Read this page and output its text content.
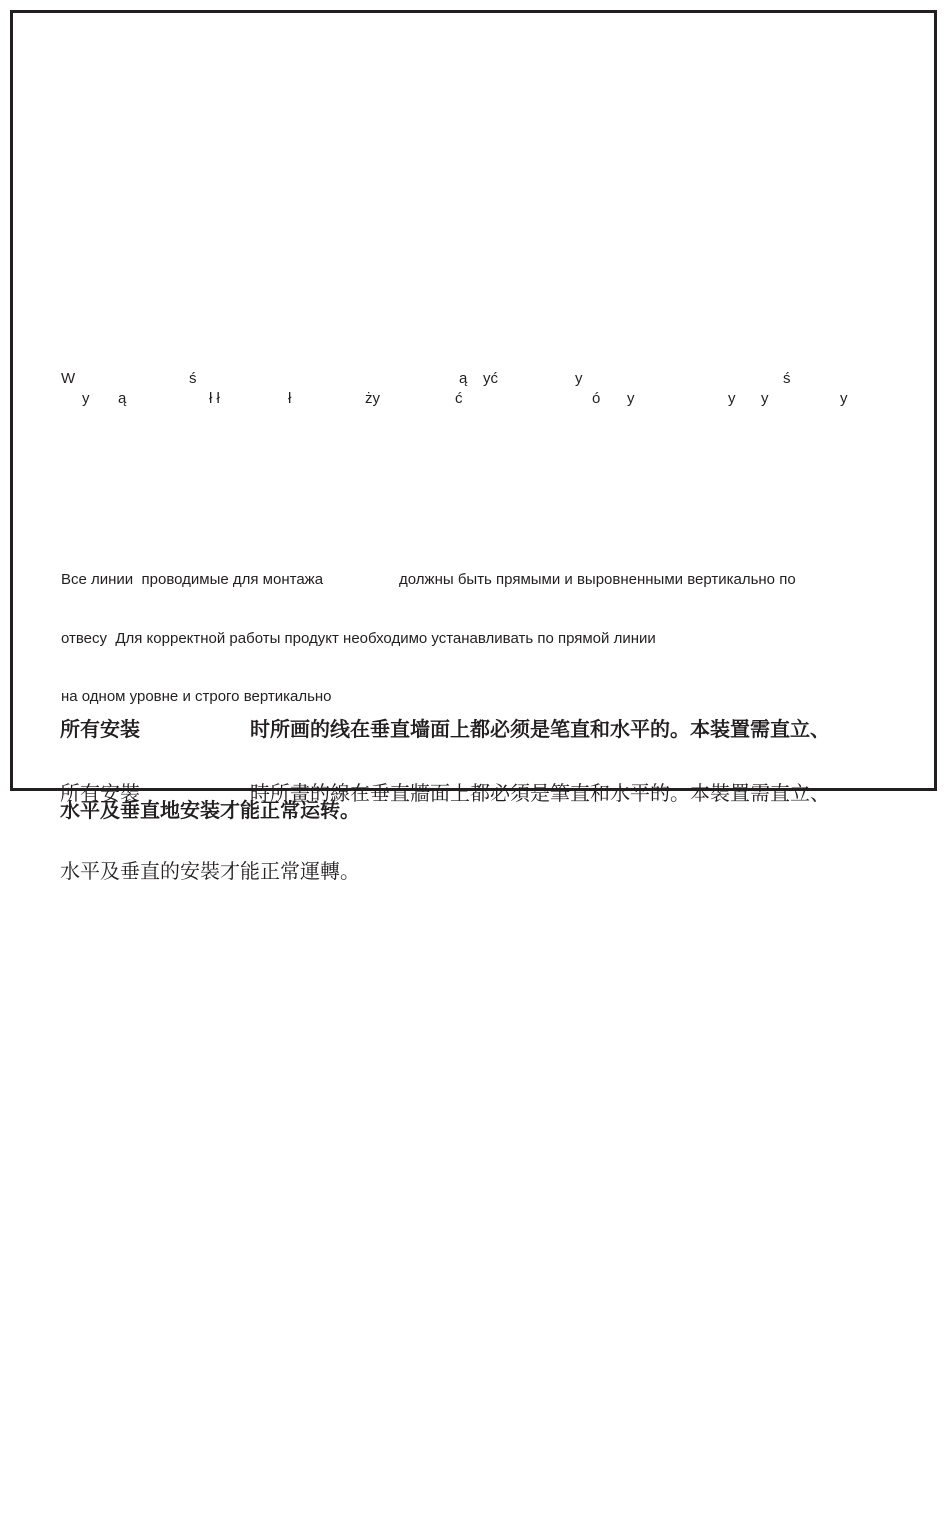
W	ś	ą yć	y	ś
y ą	ł ł	ł	ży	ć	ó y	y y	y

Все линии  проводимые для монтажа	должны быть прямыми и выровненными вертикально по

отвесу  Для корректной работы продукт необходимо устанавливать по прямой линии

на одном уровне и строго вертикально

所有安装	时所画的线在垂直墙面上都必须是笔直和水平的。本装置需直立、

水平及垂直地安装才能正常运转。

所有安裝	時所畫的線在垂直牆面上都必須是筆直和水平的。本裝置需直立、

水平及垂直的安裝才能正常運轉。
